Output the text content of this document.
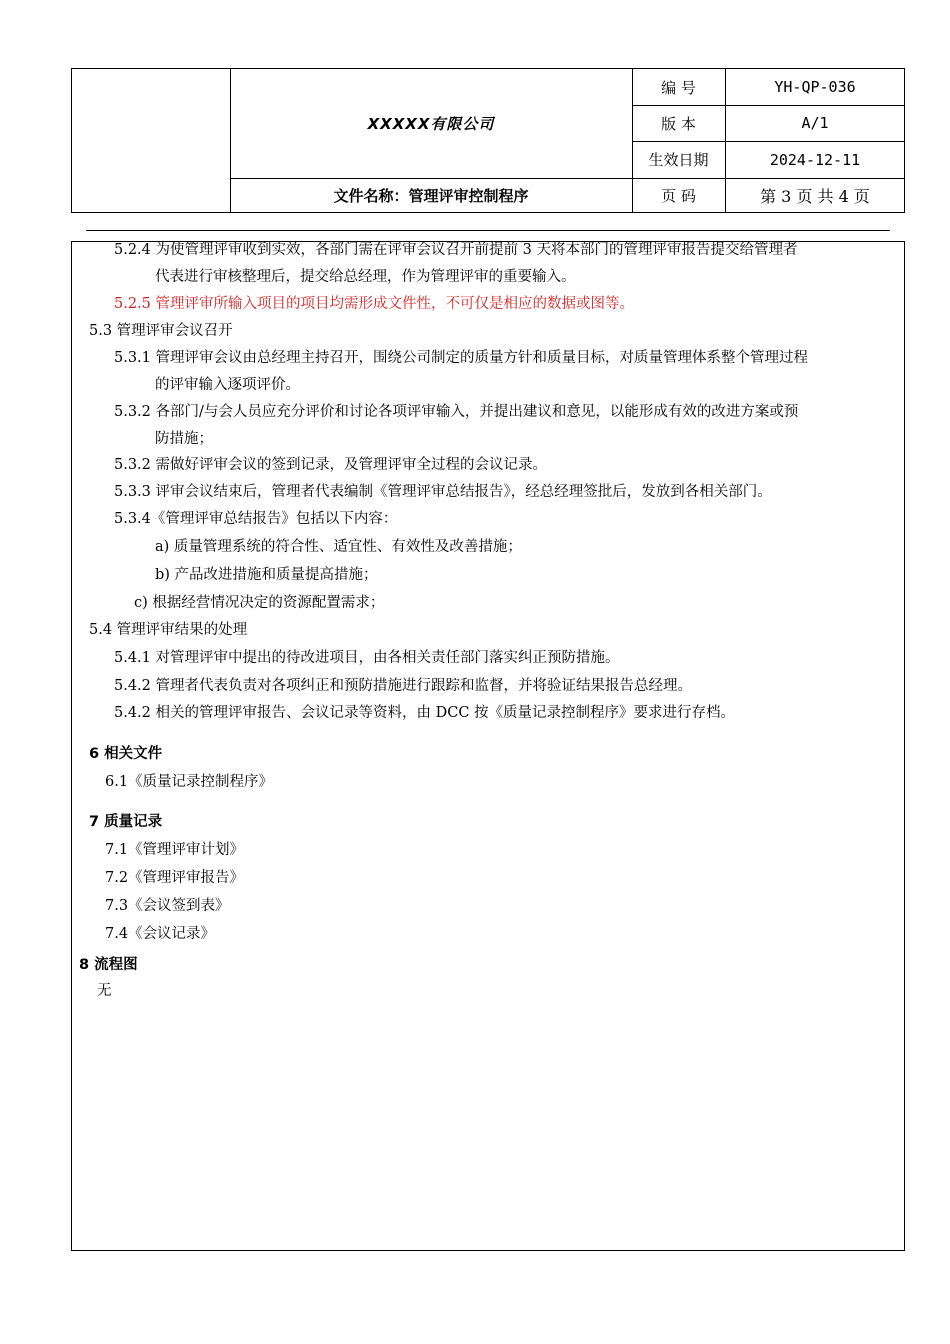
XXXXX有限公司
文件名称：管理评审控制程序
编 号	YH-QP-036
版 本	A/1
生效日期	2024-12-11
页 码	第 3 页 共 4 页
5.2.4 为使管理评审收到实效，各部门需在评审会议召开前提前 3 天将本部门的管理评审报告提交给管理者
代表进行审核整理后，提交给总经理，作为管理评审的重要输入。
5.2.5 管理评审所输入项目的项目均需形成文件性，不可仅是相应的数据或图等。
5.3 管理评审会议召开
5.3.1 管理评审会议由总经理主持召开，围绕公司制定的质量方针和质量目标，对质量管理体系整个管理过程
的评审输入逐项评价。
5.3.2 各部门/与会人员应充分评价和讨论各项评审输入，并提出建议和意见，以能形成有效的改进方案或预
防措施；
5.3.2 需做好评审会议的签到记录，及管理评审全过程的会议记录。
5.3.3 评审会议结束后，管理者代表编制《管理评审总结报告》，经总经理签批后，发放到各相关部门。
5.3.4《管理评审总结报告》包括以下内容：
a) 质量管理系统的符合性、适宜性、有效性及改善措施；
b) 产品改进措施和质量提高措施；
c) 根据经营情况决定的资源配置需求；
5.4 管理评审结果的处理
5.4.1 对管理评审中提出的待改进项目，由各相关责任部门落实纠正预防措施。
5.4.2 管理者代表负责对各项纠正和预防措施进行跟踪和监督，并将验证结果报告总经理。
5.4.2 相关的管理评审报告、会议记录等资料，由 DCC 按《质量记录控制程序》要求进行存档。
6 相关文件
6.1《质量记录控制程序》
7 质量记录
7.1《管理评审计划》
7.2《管理评审报告》
7.3《会议签到表》
7.4《会议记录》
8 流程图
无
